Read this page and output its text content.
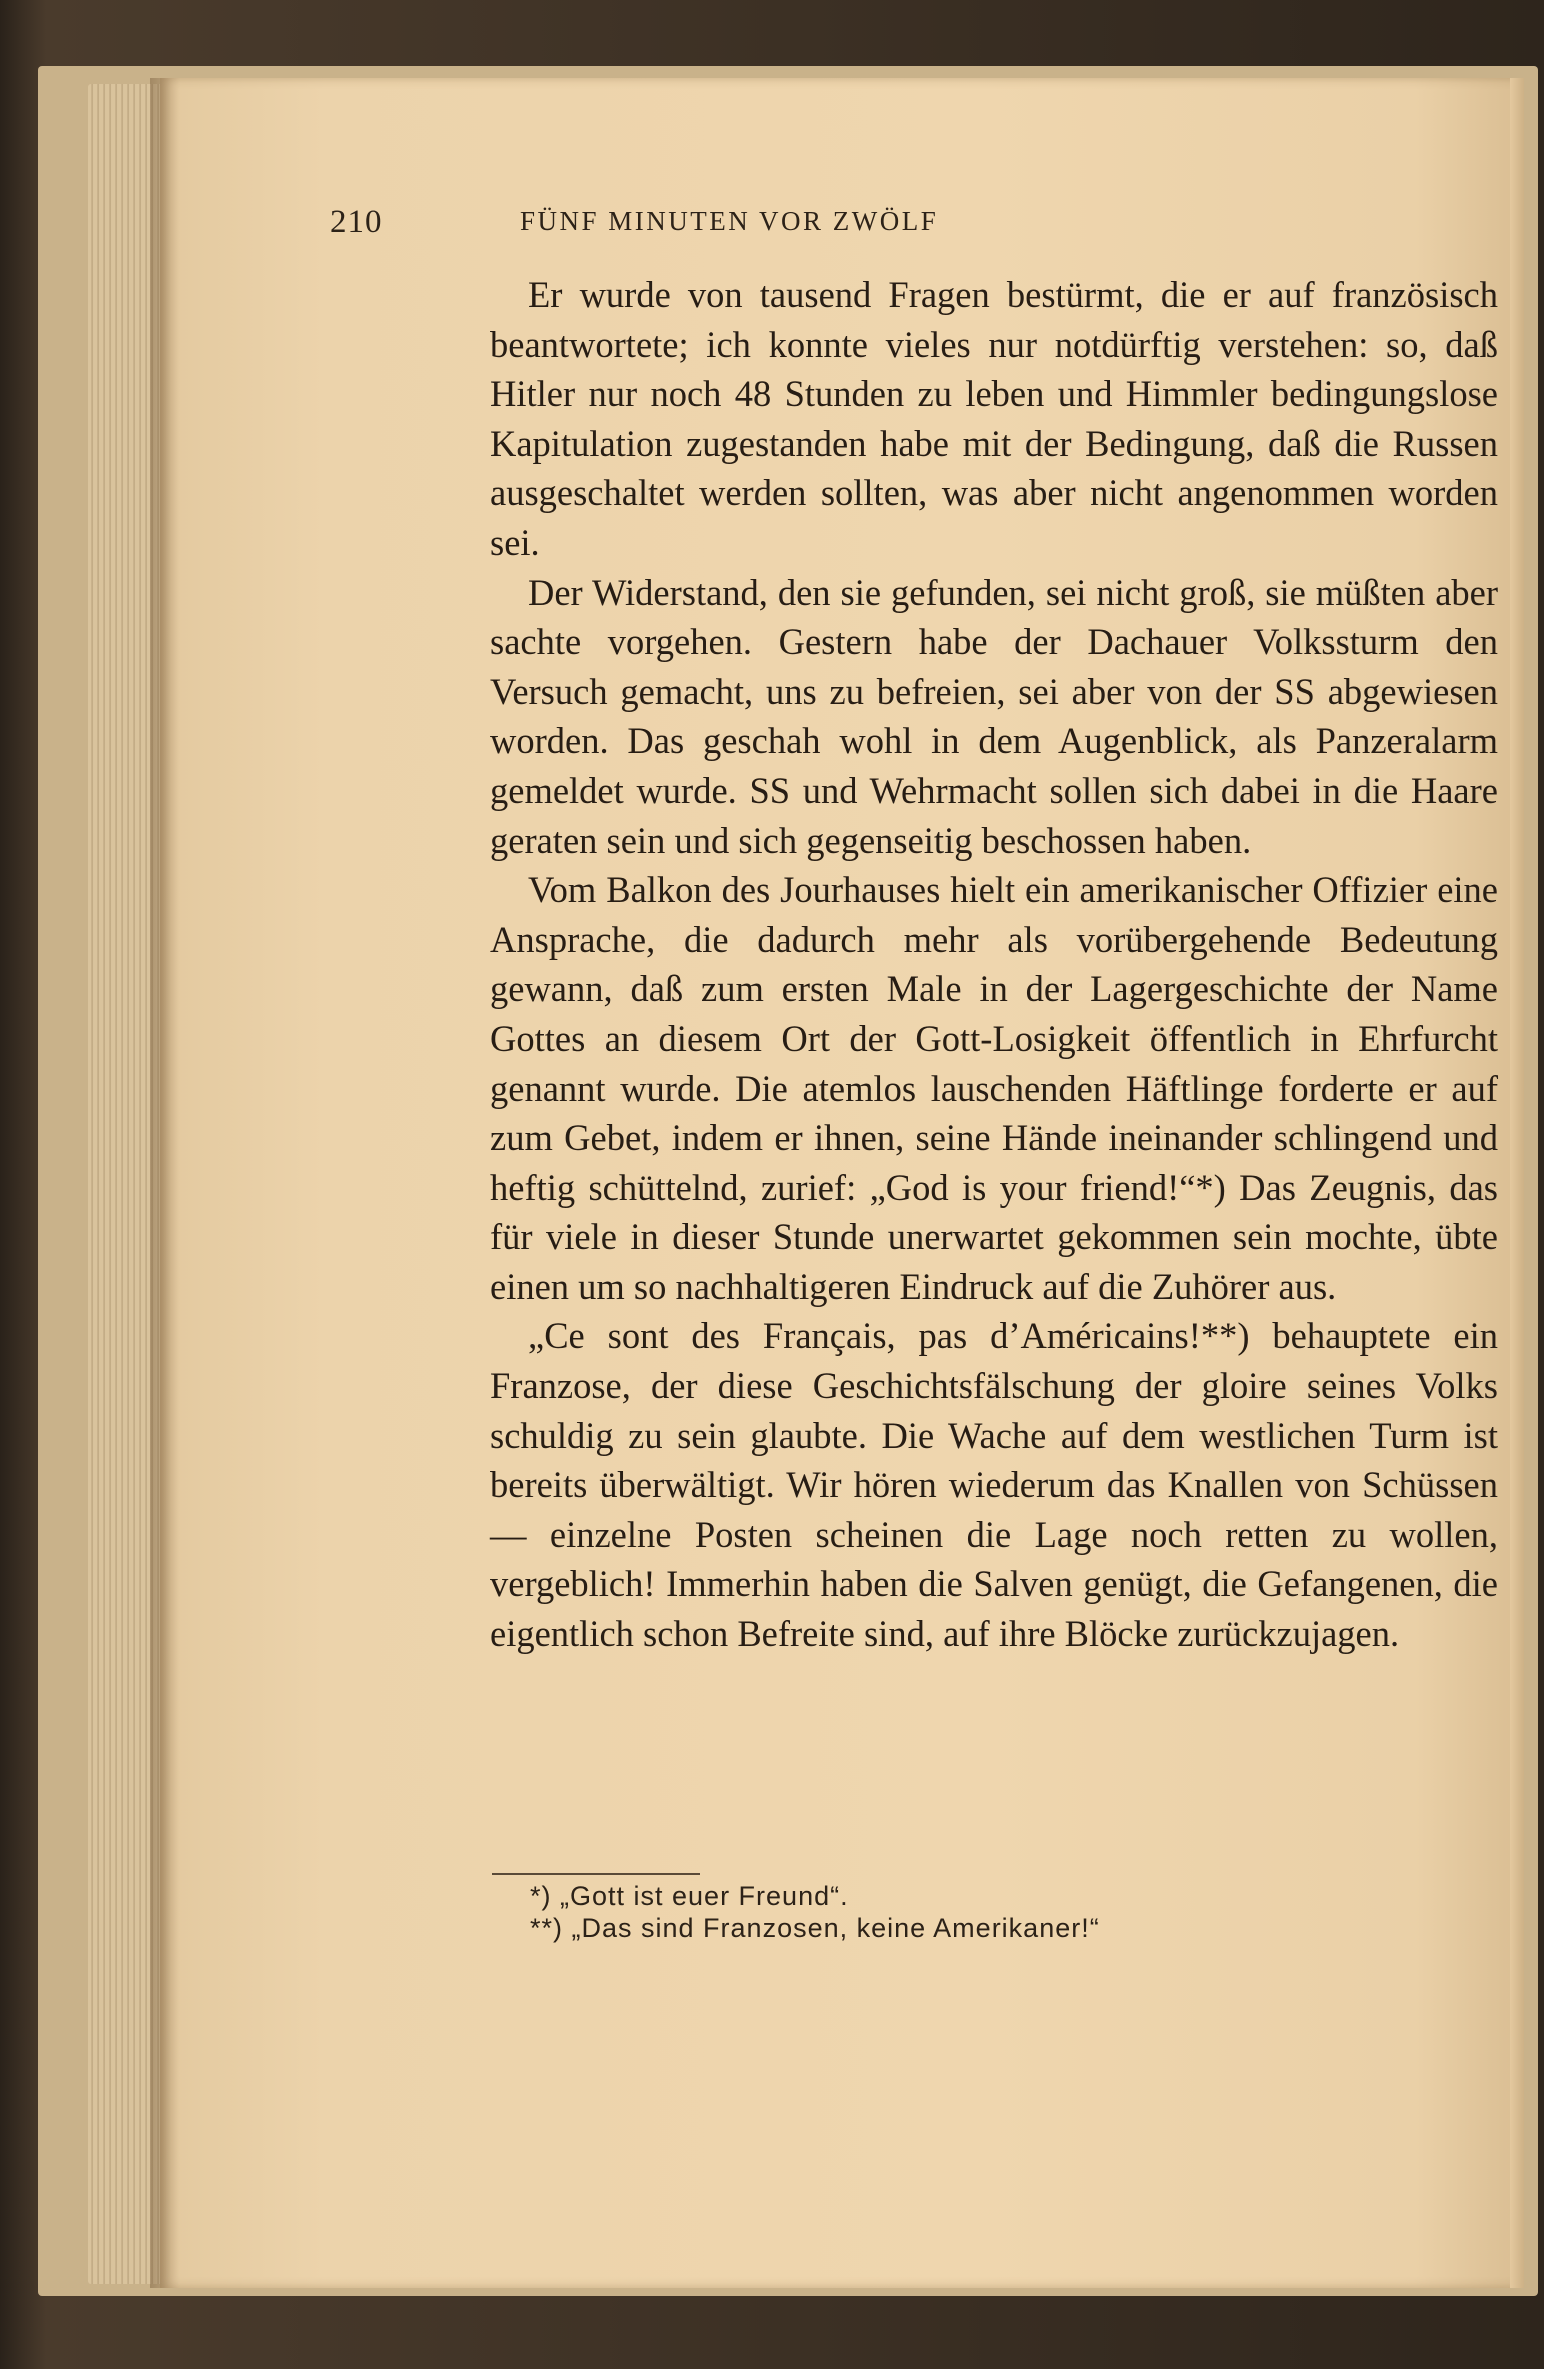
210	FÜNF MINUTEN VOR ZWÖLF

Er wurde von tausend Fragen bestürmt, die er auf französisch beantwortete; ich konnte vieles nur notdürftig verstehen: so, daß Hitler nur noch 48 Stunden zu leben und Himmler bedingungslose Kapitulation zugestanden habe mit der Bedingung, daß die Russen ausgeschaltet werden sollten, was aber nicht angenommen worden sei.

Der Widerstand, den sie gefunden, sei nicht groß, sie müßten aber sachte vorgehen. Gestern habe der Dachauer Volkssturm den Versuch gemacht, uns zu befreien, sei aber von der SS abgewiesen worden. Das geschah wohl in dem Augenblick, als Panzeralarm gemeldet wurde. SS und Wehrmacht sollen sich dabei in die Haare geraten sein und sich gegenseitig beschossen haben.

Vom Balkon des Jourhauses hielt ein amerikanischer Offizier eine Ansprache, die dadurch mehr als vorübergehende Bedeutung gewann, daß zum ersten Male in der Lagergeschichte der Name Gottes an diesem Ort der Gott-Losigkeit öffentlich in Ehrfurcht genannt wurde. Die atemlos lauschenden Häftlinge forderte er auf zum Gebet, indem er ihnen, seine Hände ineinander schlingend und heftig schüttelnd, zurief: „God is your friend!“*) Das Zeugnis, das für viele in dieser Stunde unerwartet gekommen sein mochte, übte einen um so nachhaltigeren Eindruck auf die Zuhörer aus.

„Ce sont des Français, pas d’Américains!**) behauptete ein Franzose, der diese Geschichtsfälschung der gloire seines Volks schuldig zu sein glaubte. Die Wache auf dem westlichen Turm ist bereits überwältigt. Wir hören wiederum das Knallen von Schüssen — einzelne Posten scheinen die Lage noch retten zu wollen, vergeblich! Immerhin haben die Salven genügt, die Gefangenen, die eigentlich schon Befreite sind, auf ihre Blöcke zurückzujagen.

*) „Gott ist euer Freund“.

**) „Das sind Franzosen, keine Amerikaner!“
